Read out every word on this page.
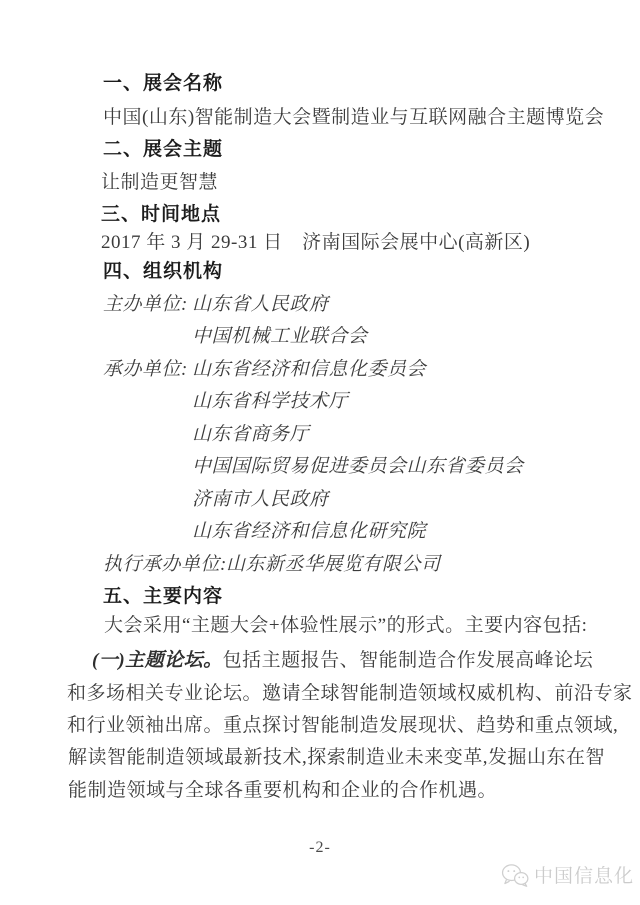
一、展会名称
中国(山东)智能制造大会暨制造业与互联网融合主题博览会
二、展会主题
让制造更智慧
三、时间地点
2017 年 3 月 29-31 日　济南国际会展中心(高新区)
四、组织机构
主办单位: 山东省人民政府
中国机械工业联合会
承办单位: 山东省经济和信息化委员会
山东省科学技术厅
山东省商务厅
中国国际贸易促进委员会山东省委员会
济南市人民政府
山东省经济和信息化研究院
执行承办单位: 山东新丞华展览有限公司
五、主要内容
大会采用“主题大会+体验性展示”的形式。主要内容包括:
(一)主题论坛。包括主题报告、智能制造合作发展高峰论坛
和多场相关专业论坛。邀请全球智能制造领域权威机构、前沿专家
和行业领袖出席。重点探讨智能制造发展现状、趋势和重点领域,
解读智能制造领域最新技术,探索制造业未来变革,发掘山东在智
能制造领域与全球各重要机构和企业的合作机遇。
-2-
中国信息化
